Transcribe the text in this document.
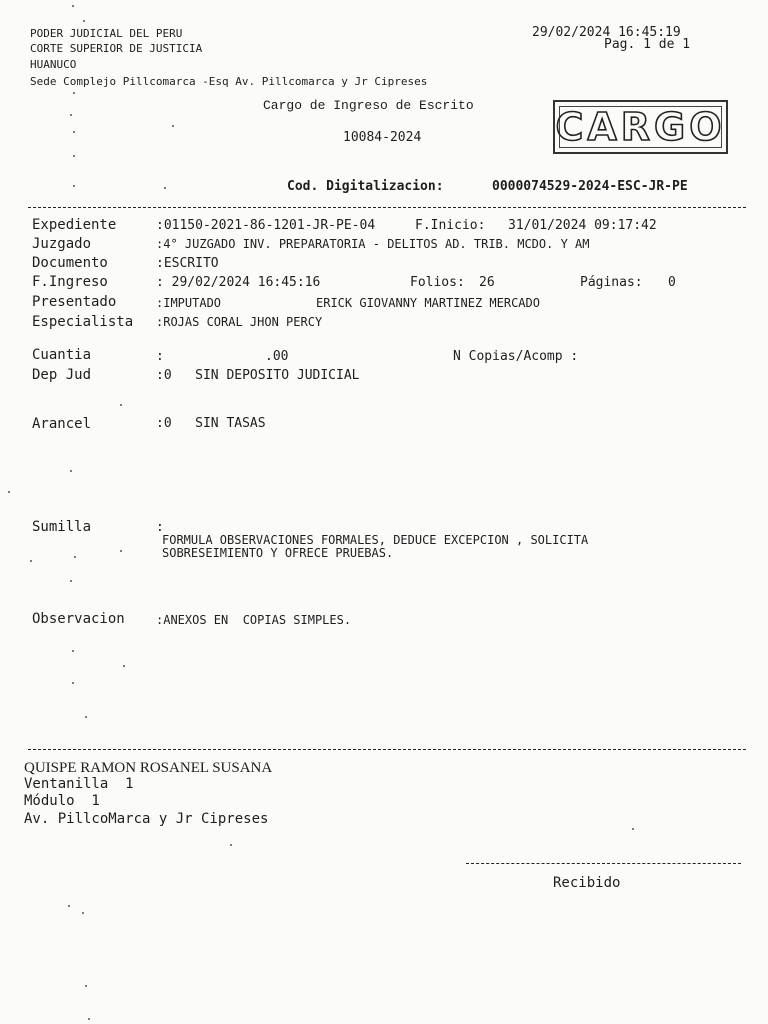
PODER JUDICIAL DEL PERU
CORTE SUPERIOR DE JUSTICIA
HUANUCO
Sede Complejo Pillcomarca -Esq Av. Pillcomarca y Jr Cipreses
29/02/2024 16:45:19
Pag. 1 de 1
Cargo de Ingreso de Escrito
10084-2024	CARGO
Cod. Digitalizacion:	0000074529-2024-ESC-JR-PE
Expediente	:01150-2021-86-1201-JR-PE-04	F.Inicio: 31/01/2024 09:17:42
Juzgado	:4° JUZGADO INV. PREPARATORIA - DELITOS AD. TRIB. MCDO. Y AM
Documento	:ESCRITO
F.Ingreso	: 29/02/2024 16:45:16	Folios: 26	Páginas: 0
Presentado	:IMPUTADO	ERICK GIOVANNY MARTINEZ MERCADO
Especialista :ROJAS CORAL JHON PERCY
Cuantia	:	.00	N Copias/Acomp :
Dep Jud	:0   SIN DEPOSITO JUDICIAL
Arancel	:0   SIN TASAS
Sumilla	:
FORMULA OBSERVACIONES FORMALES, DEDUCE EXCEPCION , SOLICITA
SOBRESEIMIENTO Y OFRECE PRUEBAS.
Observacion	:ANEXOS EN  COPIAS SIMPLES.
QUISPE RAMON ROSANEL SUSANA
Ventanilla  1
Módulo  1
Av. PillcoMarca y Jr Cipreses
Recibido
